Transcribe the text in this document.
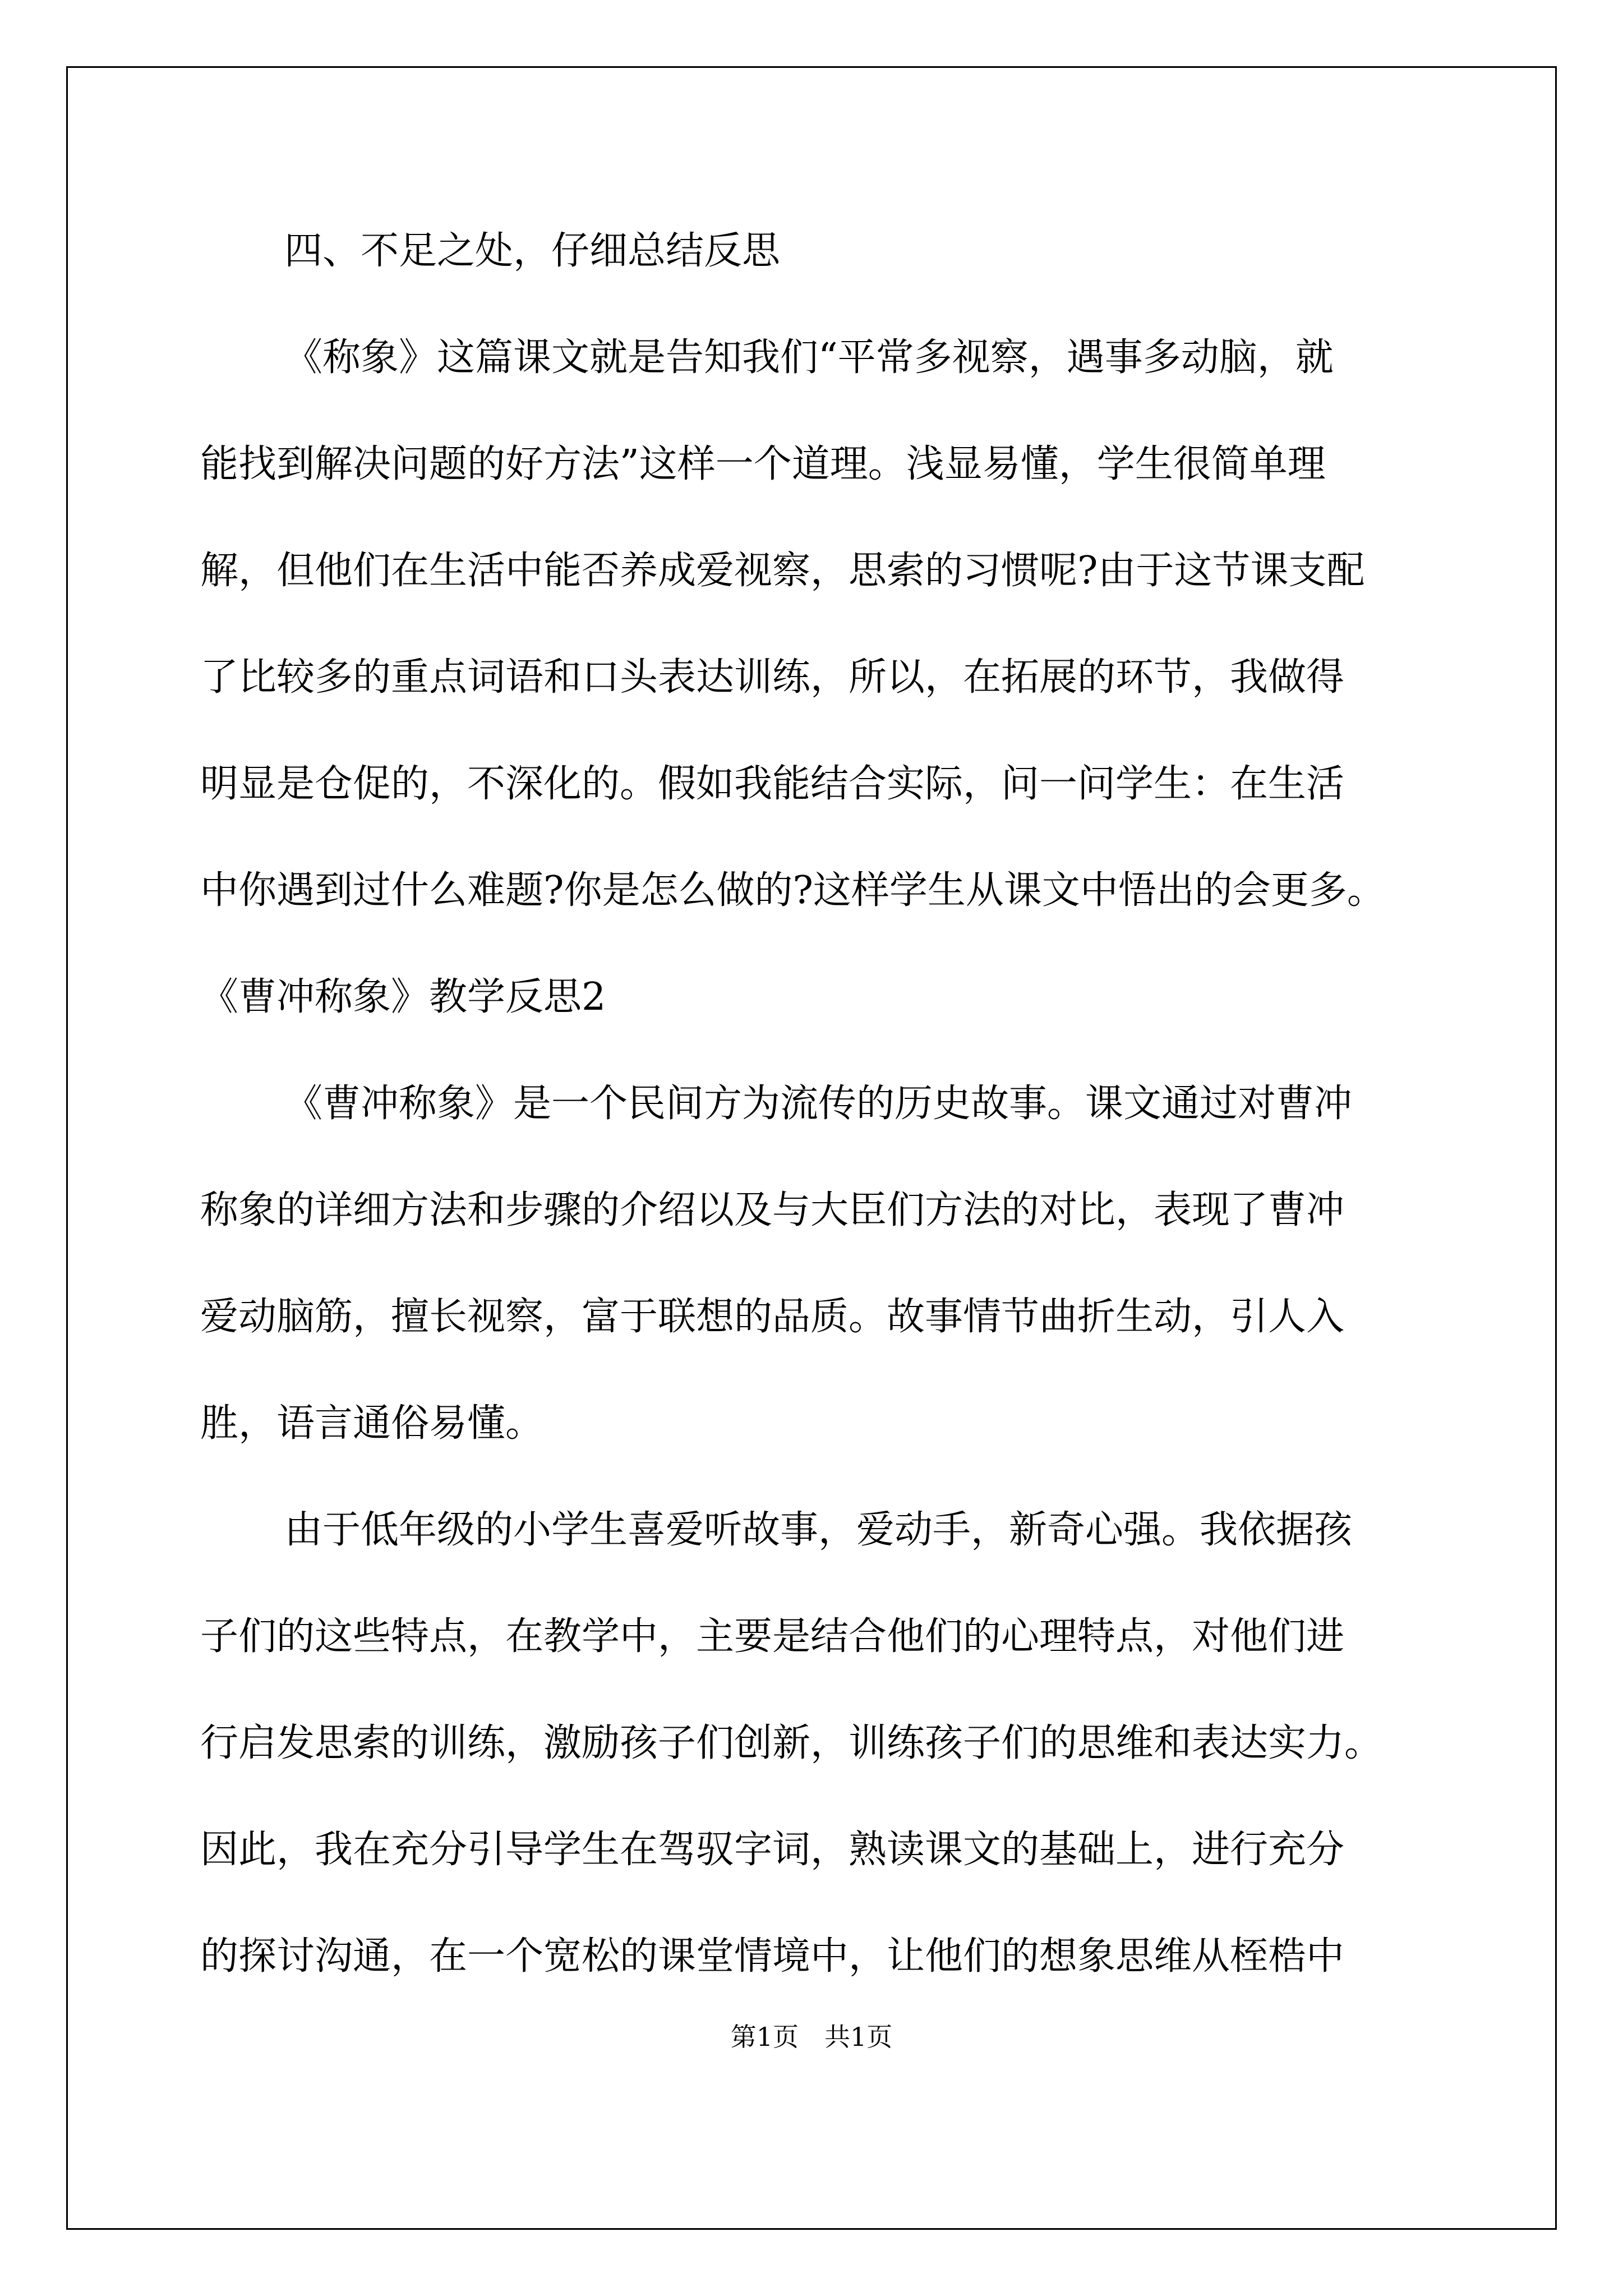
四、不足之处，仔细总结反思
《称象》这篇课文就是告知我们“平常多视察，遇事多动脑，就
能找到解决问题的好方法”这样一个道理。浅显易懂，学生很简单理
解，但他们在生活中能否养成爱视察，思索的习惯呢?由于这节课支配
了比较多的重点词语和口头表达训练，所以，在拓展的环节，我做得
明显是仓促的，不深化的。假如我能结合实际，问一问学生：在生活
中你遇到过什么难题?你是怎么做的?这样学生从课文中悟出的会更多。
《曹冲称象》教学反思2
《曹冲称象》是一个民间方为流传的历史故事。课文通过对曹冲
称象的详细方法和步骤的介绍以及与大臣们方法的对比，表现了曹冲
爱动脑筋，擅长视察，富于联想的品质。故事情节曲折生动，引人入
胜，语言通俗易懂。
由于低年级的小学生喜爱听故事，爱动手，新奇心强。我依据孩
子们的这些特点，在教学中，主要是结合他们的心理特点，对他们进
行启发思索的训练，激励孩子们创新，训练孩子们的思维和表达实力。
因此，我在充分引导学生在驾驭字词，熟读课文的基础上，进行充分
的探讨沟通，在一个宽松的课堂情境中，让他们的想象思维从桎梏中
第1页　共1页
